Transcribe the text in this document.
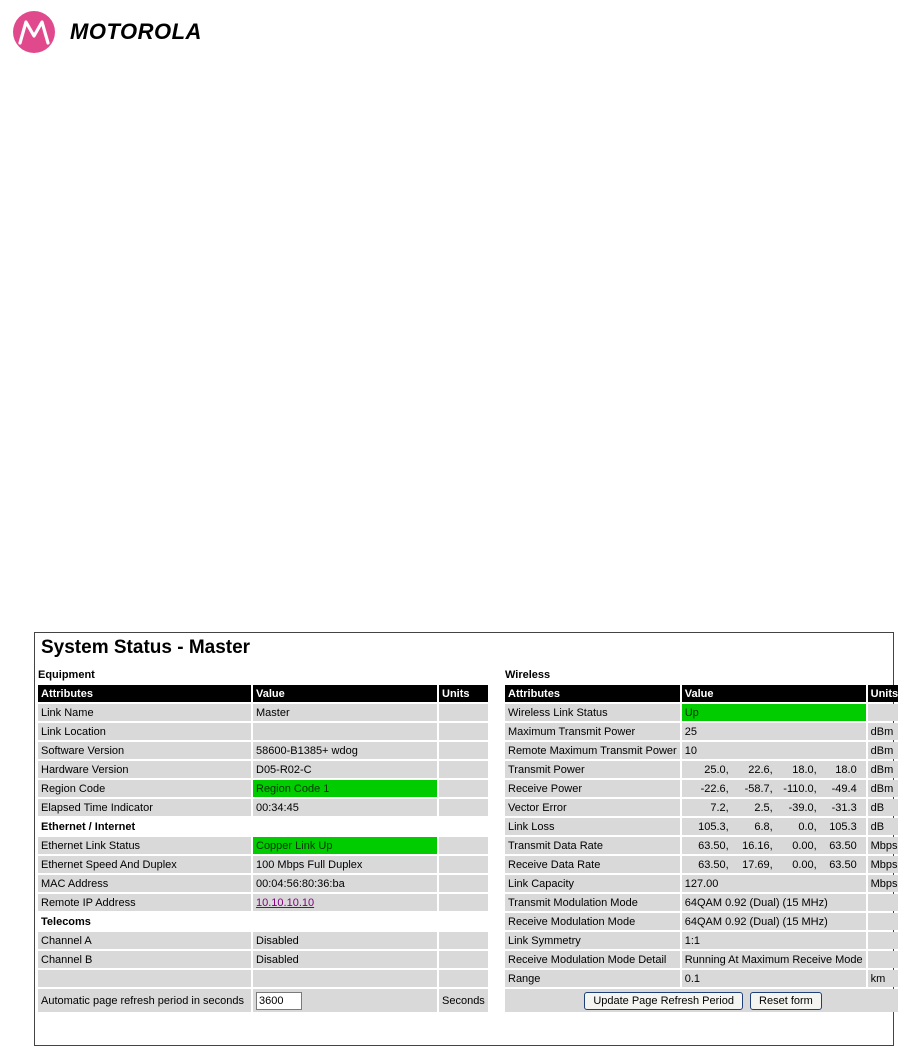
MOTOROLA
System Status - Master
Equipment	Wireless
Attributes	Value	Units
Link Name	Master	
Link Location		
Software Version	58600-B1385+ wdog	
Hardware Version	D05-R02-C	
Region Code	Region Code 1	
Elapsed Time Indicator	00:34:45	
Ethernet / Internet		
Ethernet Link Status	Copper Link Up	
Ethernet Speed And Duplex	100 Mbps Full Duplex	
MAC Address	00:04:56:80:36:ba	
Remote IP Address	10.10.10.10	
Telecoms		
Channel A	Disabled	
Channel B	Disabled	

Automatic page refresh period in seconds	3600	Seconds
Attributes	Value	Units
Wireless Link Status	Up	
Maximum Transmit Power	25	dBm
Remote Maximum Transmit Power	10	dBm
Transmit Power	25.0, 22.6, 18.0, 18.0	dBm
Receive Power	-22.6, -58.7, -110.0, -49.4	dBm
Vector Error	7.2, 2.5, -39.0, -31.3	dB
Link Loss	105.3, 6.8, 0.0, 105.3	dB
Transmit Data Rate	63.50, 16.16, 0.00, 63.50	Mbps
Receive Data Rate	63.50, 17.69, 0.00, 63.50	Mbps
Link Capacity	127.00	Mbps
Transmit Modulation Mode	64QAM 0.92 (Dual) (15 MHz)	
Receive Modulation Mode	64QAM 0.92 (Dual) (15 MHz)	
Link Symmetry	1:1	
Receive Modulation Mode Detail	Running At Maximum Receive Mode	
Range	0.1	km
Update Page Refresh Period Reset form		
